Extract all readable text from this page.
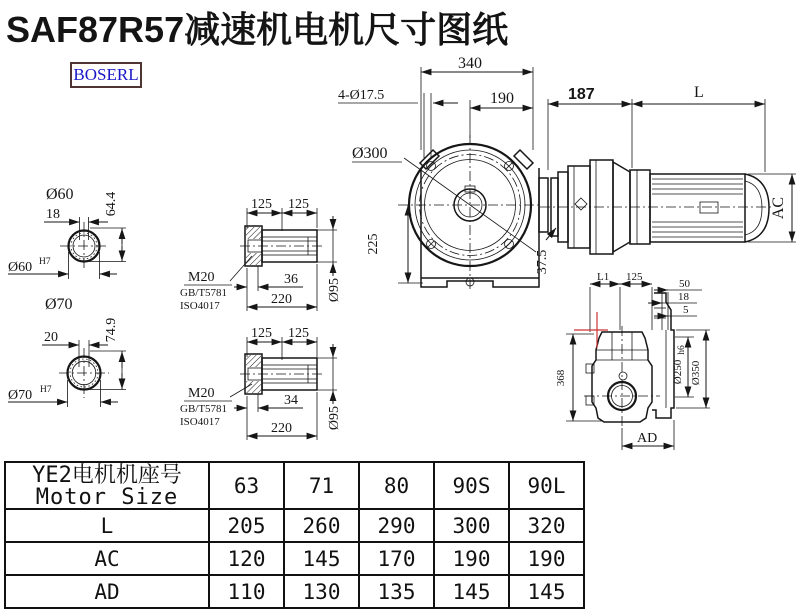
SAF87R57减速机电机尺寸图纸
BOSERL
Ø60
18	64.4
Ø60 H7
Ø70
20	74.9
Ø70 H7
125 125
M20
GB/T5781
ISO4017
36
220	Ø95
125 125
M20
GB/T5781
ISO4017
34
220	Ø95
340
190
4-Ø17.5
Ø300
225
37.5
187	L
AC
L1 125
50
18
5
368	Ø250
h6
Ø350
AD
YE2电机机座号
Motor Size	63	71	80	90S	90L
L	205	260	290	300	320
AC	120	145	170	190	190
AD	110	130	135	145	145
